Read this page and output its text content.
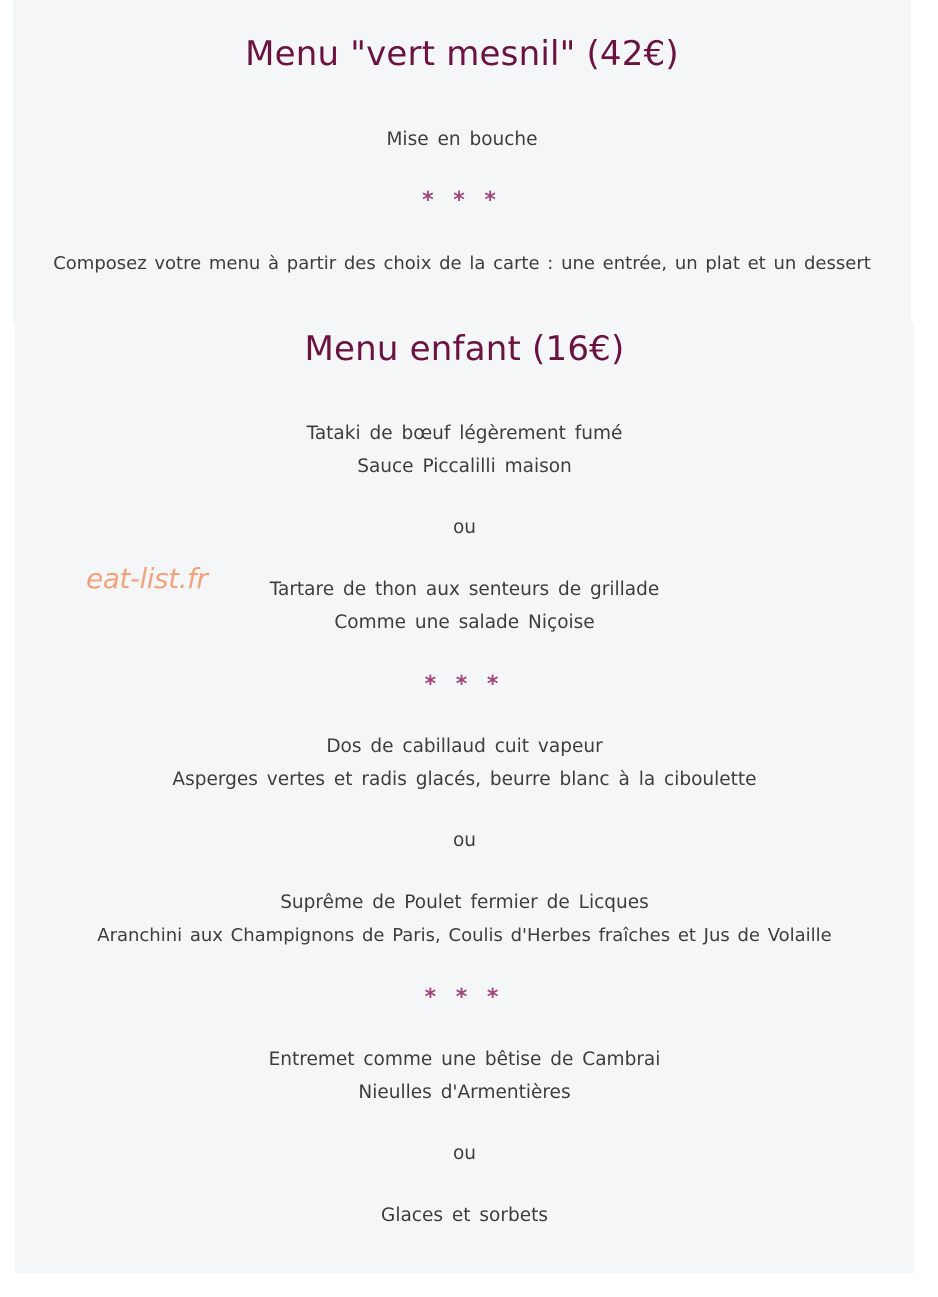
Menu "vert mesnil" (42€)
Mise en bouche
* * *
Composez votre menu à partir des choix de la carte : une entrée, un plat et un dessert
Menu enfant (16€)
Tataki de bœuf légèrement fumé
Sauce Piccalilli maison
ou
Tartare de thon aux senteurs de grillade
Comme une salade Niçoise
* * *
Dos de cabillaud cuit vapeur
Asperges vertes et radis glacés, beurre blanc à la ciboulette
ou
Suprême de Poulet fermier de Licques
Aranchini aux Champignons de Paris, Coulis d'Herbes fraîches et Jus de Volaille
* * *
Entremet comme une bêtise de Cambrai
Nieulles d'Armentières
ou
Glaces et sorbets
eat-list.fr
